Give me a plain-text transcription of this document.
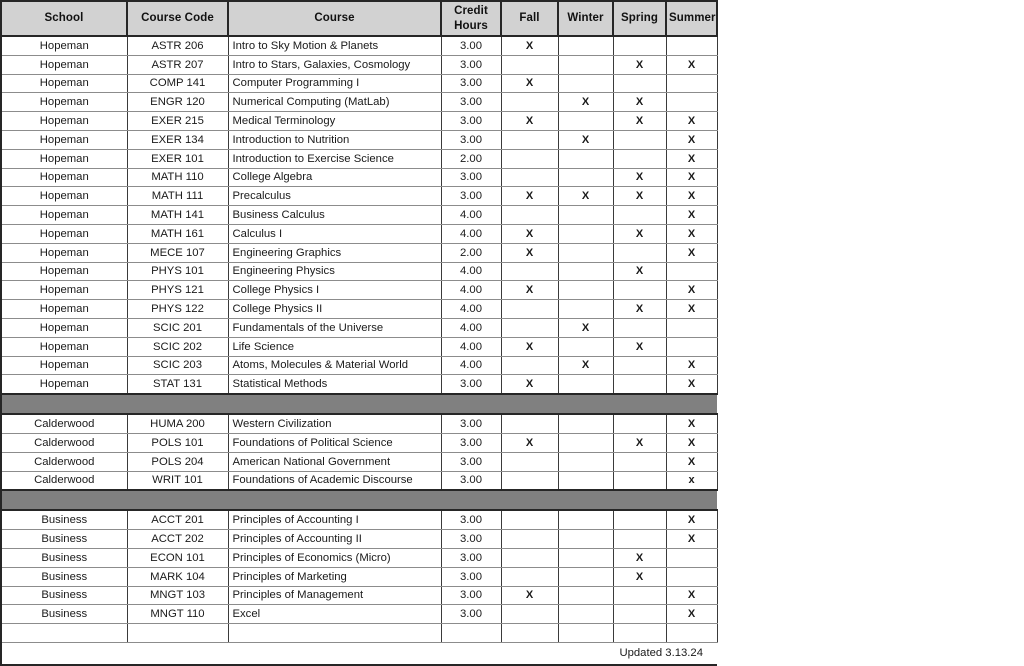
School	Course Code	Course	Credit
Hours	Fall	Winter	Spring	Summer
Hopeman	ASTR 206	Intro to Sky Motion & Planets	3.00	X			
Hopeman	ASTR 207	Intro to Stars, Galaxies, Cosmology	3.00			X	X
Hopeman	COMP 141	Computer Programming I	3.00	X			
Hopeman	ENGR 120	Numerical Computing (MatLab)	3.00		X	X	
Hopeman	EXER 215	Medical Terminology	3.00	X		X	X
Hopeman	EXER 134	Introduction to Nutrition	3.00		X		X
Hopeman	EXER 101	Introduction to Exercise Science	2.00				X
Hopeman	MATH 110	College Algebra	3.00			X	X
Hopeman	MATH 111	Precalculus	3.00	X	X	X	X
Hopeman	MATH 141	Business Calculus	4.00				X
Hopeman	MATH 161	Calculus I	4.00	X		X	X
Hopeman	MECE 107	Engineering Graphics	2.00	X			X
Hopeman	PHYS 101	Engineering Physics	4.00			X	
Hopeman	PHYS 121	College Physics I	4.00	X			X
Hopeman	PHYS 122	College Physics II	4.00			X	X
Hopeman	SCIC 201	Fundamentals of the Universe	4.00		X		
Hopeman	SCIC 202	Life Science	4.00	X		X	
Hopeman	SCIC 203	Atoms, Molecules & Material World	4.00		X		X
Hopeman	STAT 131	Statistical Methods	3.00	X			X

Calderwood	HUMA 200	Western Civilization	3.00				X
Calderwood	POLS 101	Foundations of Political Science	3.00	X		X	X
Calderwood	POLS 204	American National Government	3.00				X
Calderwood	WRIT 101	Foundations of Academic Discourse	3.00				x

Business	ACCT 201	Principles of Accounting I	3.00				X
Business	ACCT 202	Principles of Accounting II	3.00				X
Business	ECON 101	Principles of Economics (Micro)	3.00			X	
Business	MARK 104	Principles of Marketing	3.00			X	
Business	MNGT 103	Principles of Management	3.00	X			X
Business	MNGT 110	Excel	3.00				X

Updated 3.13.24							
